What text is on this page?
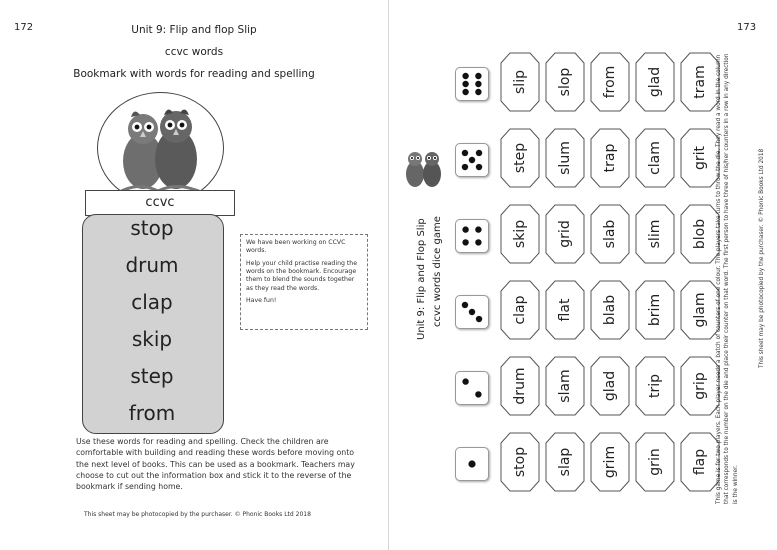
172	Unit 9: Flip and flop Slip
ccvc words
Bookmark with words for reading and spelling
ccvc
stop
drum
clap
skip
step
from

We have been working on CCVC words.

Help your child practise reading the words on the bookmark. Encourage them to blend the sounds together as they read the words.

Have fun!

Use these words for reading and spelling. Check the children are comfortable with building and reading these words before moving onto the next level of books. This can be used as a bookmark. Teachers may choose to cut out the information box and stick it to the reverse of the bookmark if sending home.
This sheet may be photocopied by the purchaser. © Phonic Books Ltd 2018
173
Unit 9: Flip and Flop Slip ccvc words dice game
slip slop from glad tram
step slum trap clam grit
skip grid slab slim blob
clap flat blab brim glam
drum slam glad trip grip
stop slap grim grin flap	This game is for two players. Each player needs a batch of counters of one colour. The players take turns to throw the die. They read a word in the column that corresponds to the number on the die and place their counter on that word. The first person to have three of his/her counters in a row in any direction is the winner.
This sheet may be photocopied by the purchaser. © Phonic Books Ltd 2018
